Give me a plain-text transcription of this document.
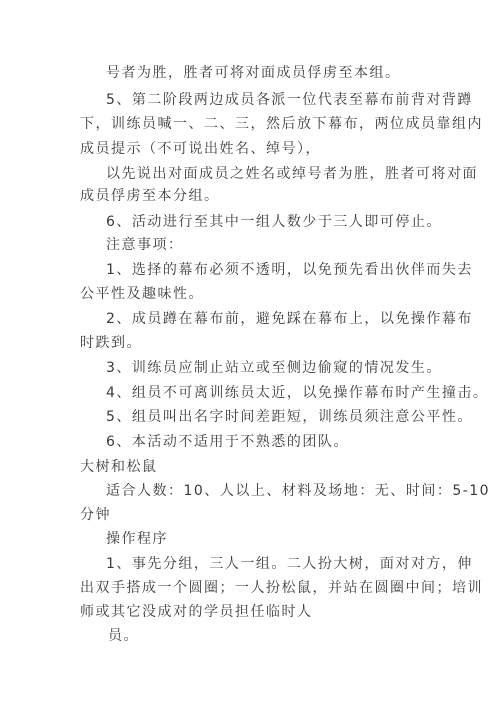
号者为胜，胜者可将对面成员俘虏至本组。
5、第二阶段两边成员各派一位代表至幕布前背对背蹲
下，训练员喊一、二、三，然后放下幕布，两位成员靠组内
成员提示（不可说出姓名、绰号），
以先说出对面成员之姓名或绰号者为胜，胜者可将对面
成员俘虏至本分组。
6、活动进行至其中一组人数少于三人即可停止。
注意事项：
1、选择的幕布必须不透明，以免预先看出伙伴而失去
公平性及趣味性。
2、成员蹲在幕布前，避免踩在幕布上，以免操作幕布
时跌到。
3、训练员应制止站立或至侧边偷窥的情况发生。
4、组员不可离训练员太近，以免操作幕布时产生撞击。
5、组员叫出名字时间差距短，训练员须注意公平性。
6、本活动不适用于不熟悉的团队。
大树和松鼠
适合人数：10、人以上、材料及场地：无、时间：5-10
分钟
操作程序
1、事先分组，三人一组。二人扮大树，面对对方，伸
出双手搭成一个圆圈；一人扮松鼠，并站在圆圈中间；培训
师或其它没成对的学员担任临时人
员。
